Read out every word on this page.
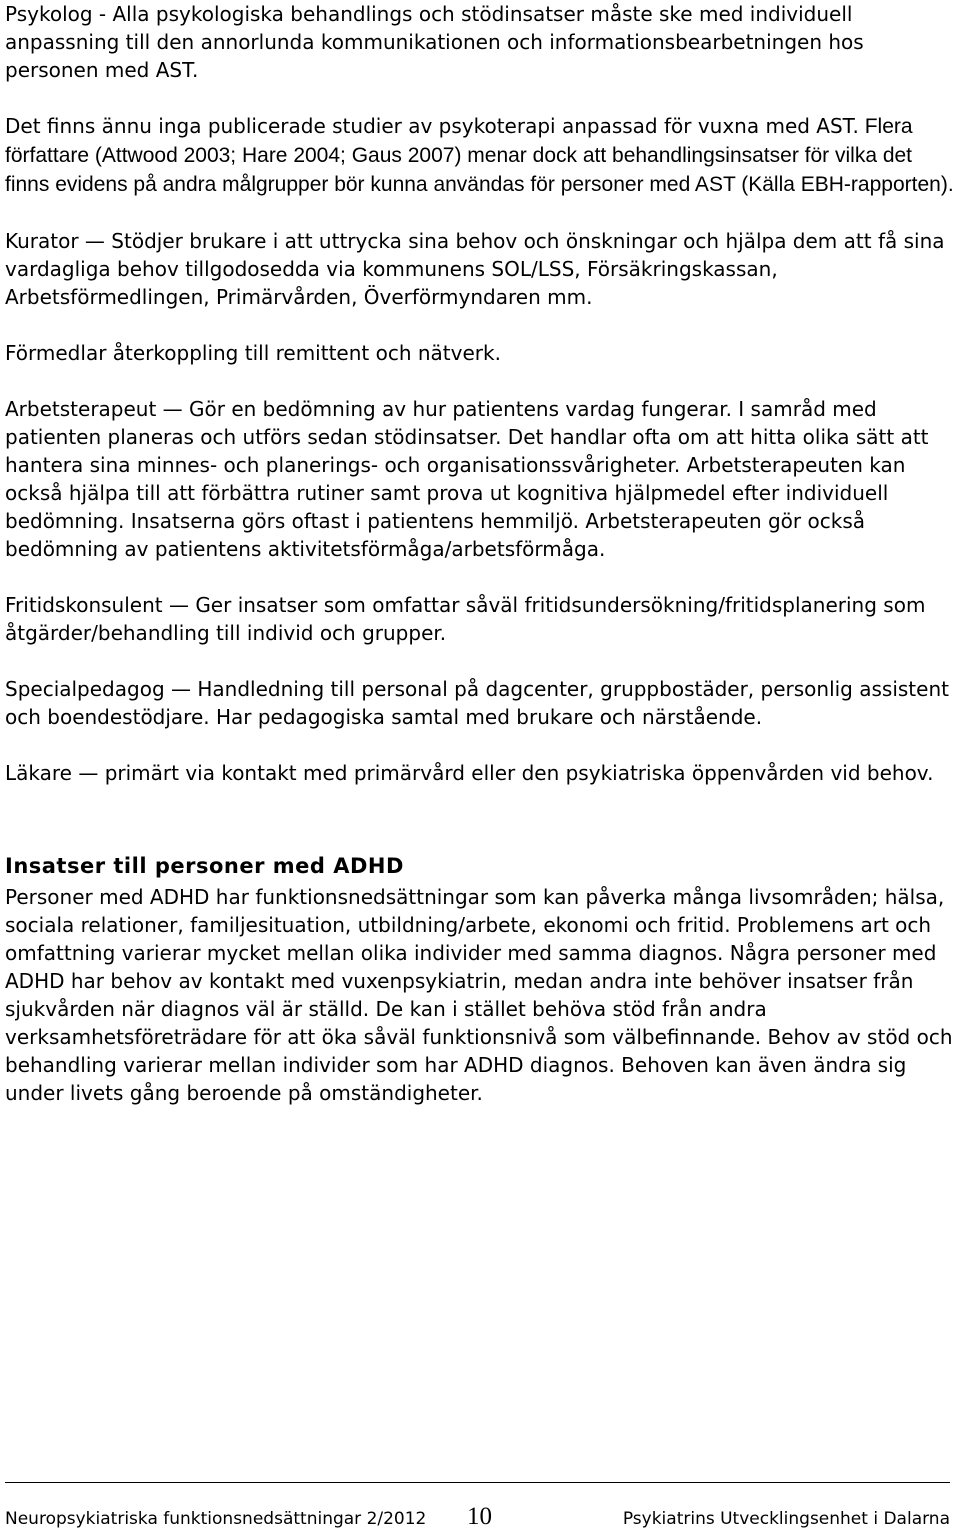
Psykolog - Alla psykologiska behandlings och stödinsatser måste ske med individuell anpassning till den annorlunda kommunikationen och informationsbearbetningen hos personen med AST.

Det finns ännu inga publicerade studier av psykoterapi anpassad för vuxna med AST. Flera författare (Attwood 2003; Hare 2004; Gaus 2007) menar dock att behandlingsinsatser för vilka det finns evidens på andra målgrupper bör kunna användas för personer med AST (Källa EBH-rapporten).

Kurator — Stödjer brukare i att uttrycka sina behov och önskningar och hjälpa dem att få sina vardagliga behov tillgodosedda via kommunens SOL/LSS, Försäkringskassan, Arbetsförmedlingen, Primärvården, Överförmyndaren mm.

Förmedlar återkoppling till remittent och nätverk.

Arbetsterapeut — Gör en bedömning av hur patientens vardag fungerar. I samråd med patienten planeras och utförs sedan stödinsatser. Det handlar ofta om att hitta olika sätt att hantera sina minnes- och planerings- och organisationssvårigheter. Arbetsterapeuten kan också hjälpa till att förbättra rutiner samt prova ut kognitiva hjälpmedel efter individuell bedömning. Insatserna görs oftast i patientens hemmiljö. Arbetsterapeuten gör också bedömning av patientens aktivitetsförmåga/arbetsförmåga.

Fritidskonsulent — Ger insatser som omfattar såväl fritidsundersökning/fritidsplanering som åtgärder/behandling till individ och grupper.

Specialpedagog — Handledning till personal på dagcenter, gruppbostäder, personlig assistent och boendestödjare. Har pedagogiska samtal med brukare och närstående.

Läkare — primärt via kontakt med primärvård eller den psykiatriska öppenvården vid behov.

Insatser till personer med ADHD

Personer med ADHD har funktionsnedsättningar som kan påverka många livsområden; hälsa, sociala relationer, familjesituation, utbildning/arbete, ekonomi och fritid. Problemens art och omfattning varierar mycket mellan olika individer med samma diagnos. Några personer med ADHD har behov av kontakt med vuxenpsykiatrin, medan andra inte behöver insatser från sjukvården när diagnos väl är ställd. De kan i stället behöva stöd från andra verksamhetsföreträdare för att öka såväl funktionsnivå som välbefinnande. Behov av stöd och behandling varierar mellan individer som har ADHD diagnos. Behoven kan även ändra sig under livets gång beroende på omständigheter.

Neuropsykiatriska funktionsnedsättningar 2/2012 10	Psykiatrins Utvecklingsenhet i Dalarna
